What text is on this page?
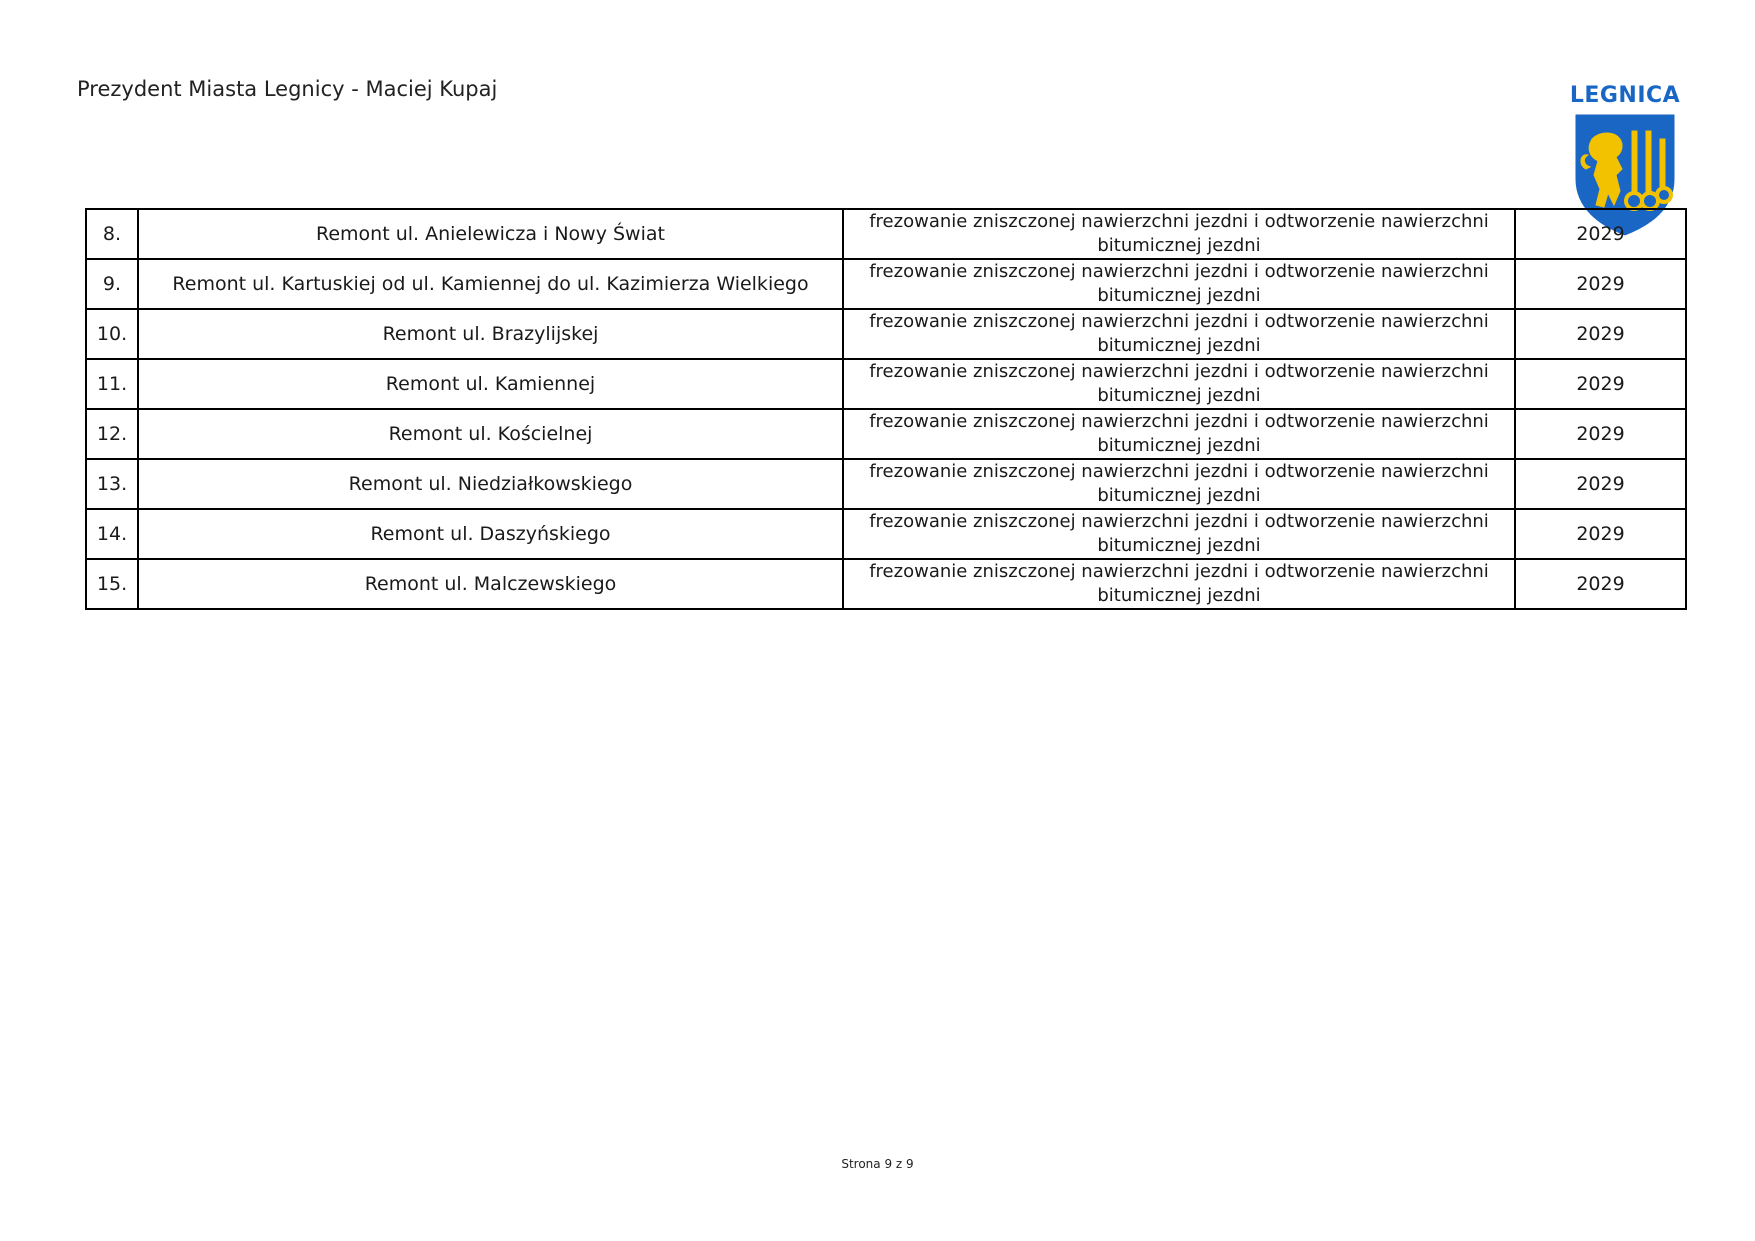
Prezydent Miasta Legnicy - Maciej Kupaj	LEGNICA
8.	Remont ul. Anielewicza i Nowy Świat	frezowanie zniszczonej nawierzchni jezdni i odtworzenie nawierzchni bitumicznej jezdni	2029
9.	Remont ul. Kartuskiej od ul. Kamiennej do ul. Kazimierza Wielkiego	frezowanie zniszczonej nawierzchni jezdni i odtworzenie nawierzchni bitumicznej jezdni	2029
10.	Remont ul. Brazylijskej	frezowanie zniszczonej nawierzchni jezdni i odtworzenie nawierzchni bitumicznej jezdni	2029
11.	Remont ul. Kamiennej	frezowanie zniszczonej nawierzchni jezdni i odtworzenie nawierzchni bitumicznej jezdni	2029
12.	Remont ul. Kościelnej	frezowanie zniszczonej nawierzchni jezdni i odtworzenie nawierzchni bitumicznej jezdni	2029
13.	Remont ul. Niedziałkowskiego	frezowanie zniszczonej nawierzchni jezdni i odtworzenie nawierzchni bitumicznej jezdni	2029
14.	Remont ul. Daszyńskiego	frezowanie zniszczonej nawierzchni jezdni i odtworzenie nawierzchni bitumicznej jezdni	2029
15.	Remont ul. Malczewskiego	frezowanie zniszczonej nawierzchni jezdni i odtworzenie nawierzchni bitumicznej jezdni	2029
Strona 9 z 9
